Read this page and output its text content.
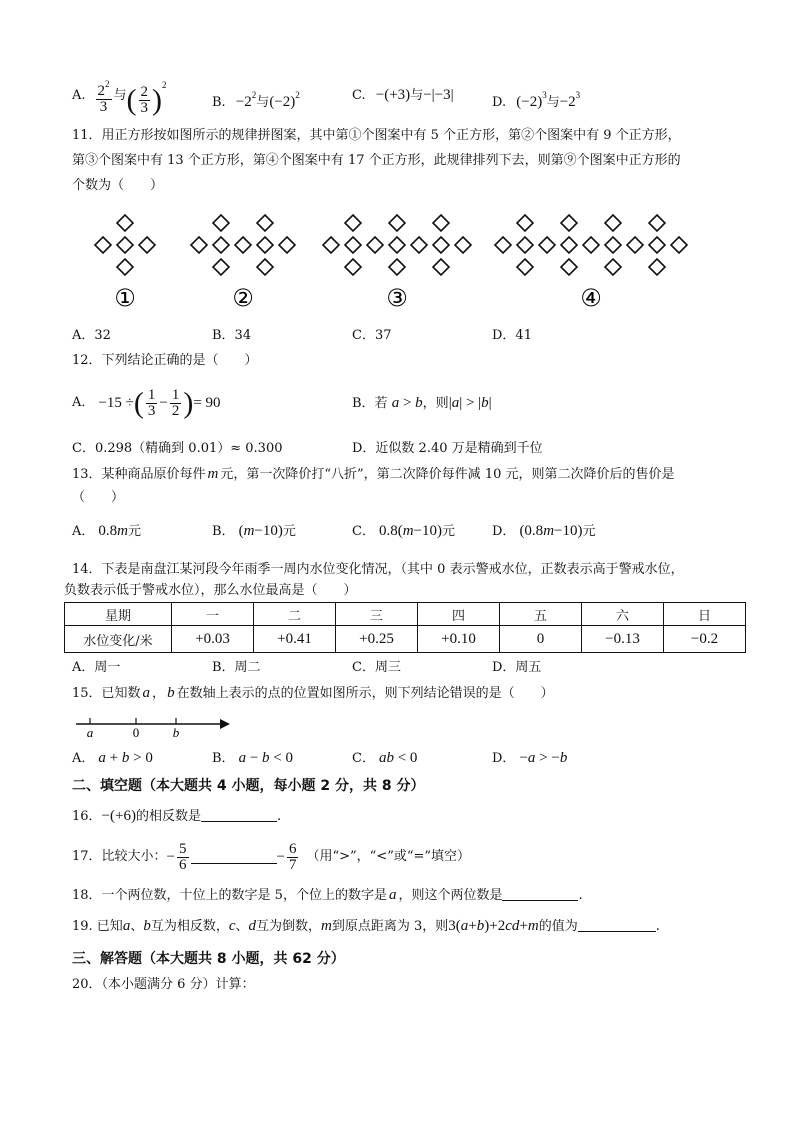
A. $\frac{2^2}{3}$ 与 ( $\frac{2}{3} )^2$
B. $-2^2$与$(-2)^2$	C. −(+3)与−|−3|	D. $(-2)^3$与$-2^3$
11．用正方形按如图所示的规律拼图案，其中第①个图案中有 5 个正方形，第②个图案中有 9 个正方形，
第③个图案中有 13 个正方形，第④个图案中有 17 个正方形，此规律排列下去，则第⑨个图案中正方形的
个数为（　　）
①	②	③	④
A．32	B．34	C．37	D．41
12．下列结论正确的是（　　）
A． −15 ÷ ( $\frac{1}{3} - \frac{1}{2}$ ) = 90	B．若 a > b，则|a| > |b|
C．0.298（精确到 0.01）≈ 0.300	D．近似数 2.40 万是精确到千位
13．某种商品原价每件 m 元，第一次降价打“八折”，第二次降价每件减 10 元，则第二次降价后的售价是
（　　）
A． 0.8m元	B． (m−10)元	C． 0.8(m−10)元	D． (0.8m−10)元
14．下表是南盘江某河段今年雨季一周内水位变化情况，（其中 0 表示警戒水位，正数表示高于警戒水位，
负数表示低于警戒水位），那么水位最高是（　　）
星期	一	二	三	四	五	六	日
水位变化/米	+0.03	+0.41	+0.25	+0.10	0	−0.13	−0.2
A．周一	B．周二	C．周三	D．周五
15．已知数 a ， b 在数轴上表示的点的位置如图所示，则下列结论错误的是（　　）
a	0	b
A． a + b > 0	B． a − b < 0	C． ab < 0	D． −a > −b
二、填空题（本大题共 4 小题，每小题 2 分，共 8 分）
16．−(+6)的相反数是	.
17．比较大小： − $\frac{5}{6}$	− $\frac{6}{7}$ （用“>”，“<”或“=”填空）
18．一个两位数，十位上的数字是 5，个位上的数字是 a ，则这个两位数是	.
19. 已知a、b互为相反数，c、d互为倒数，m到原点距离为 3，则3(a+b)+2cd+m的值为	.
三、解答题（本大题共 8 小题，共 62 分）
20．（本小题满分 6 分）计算：
